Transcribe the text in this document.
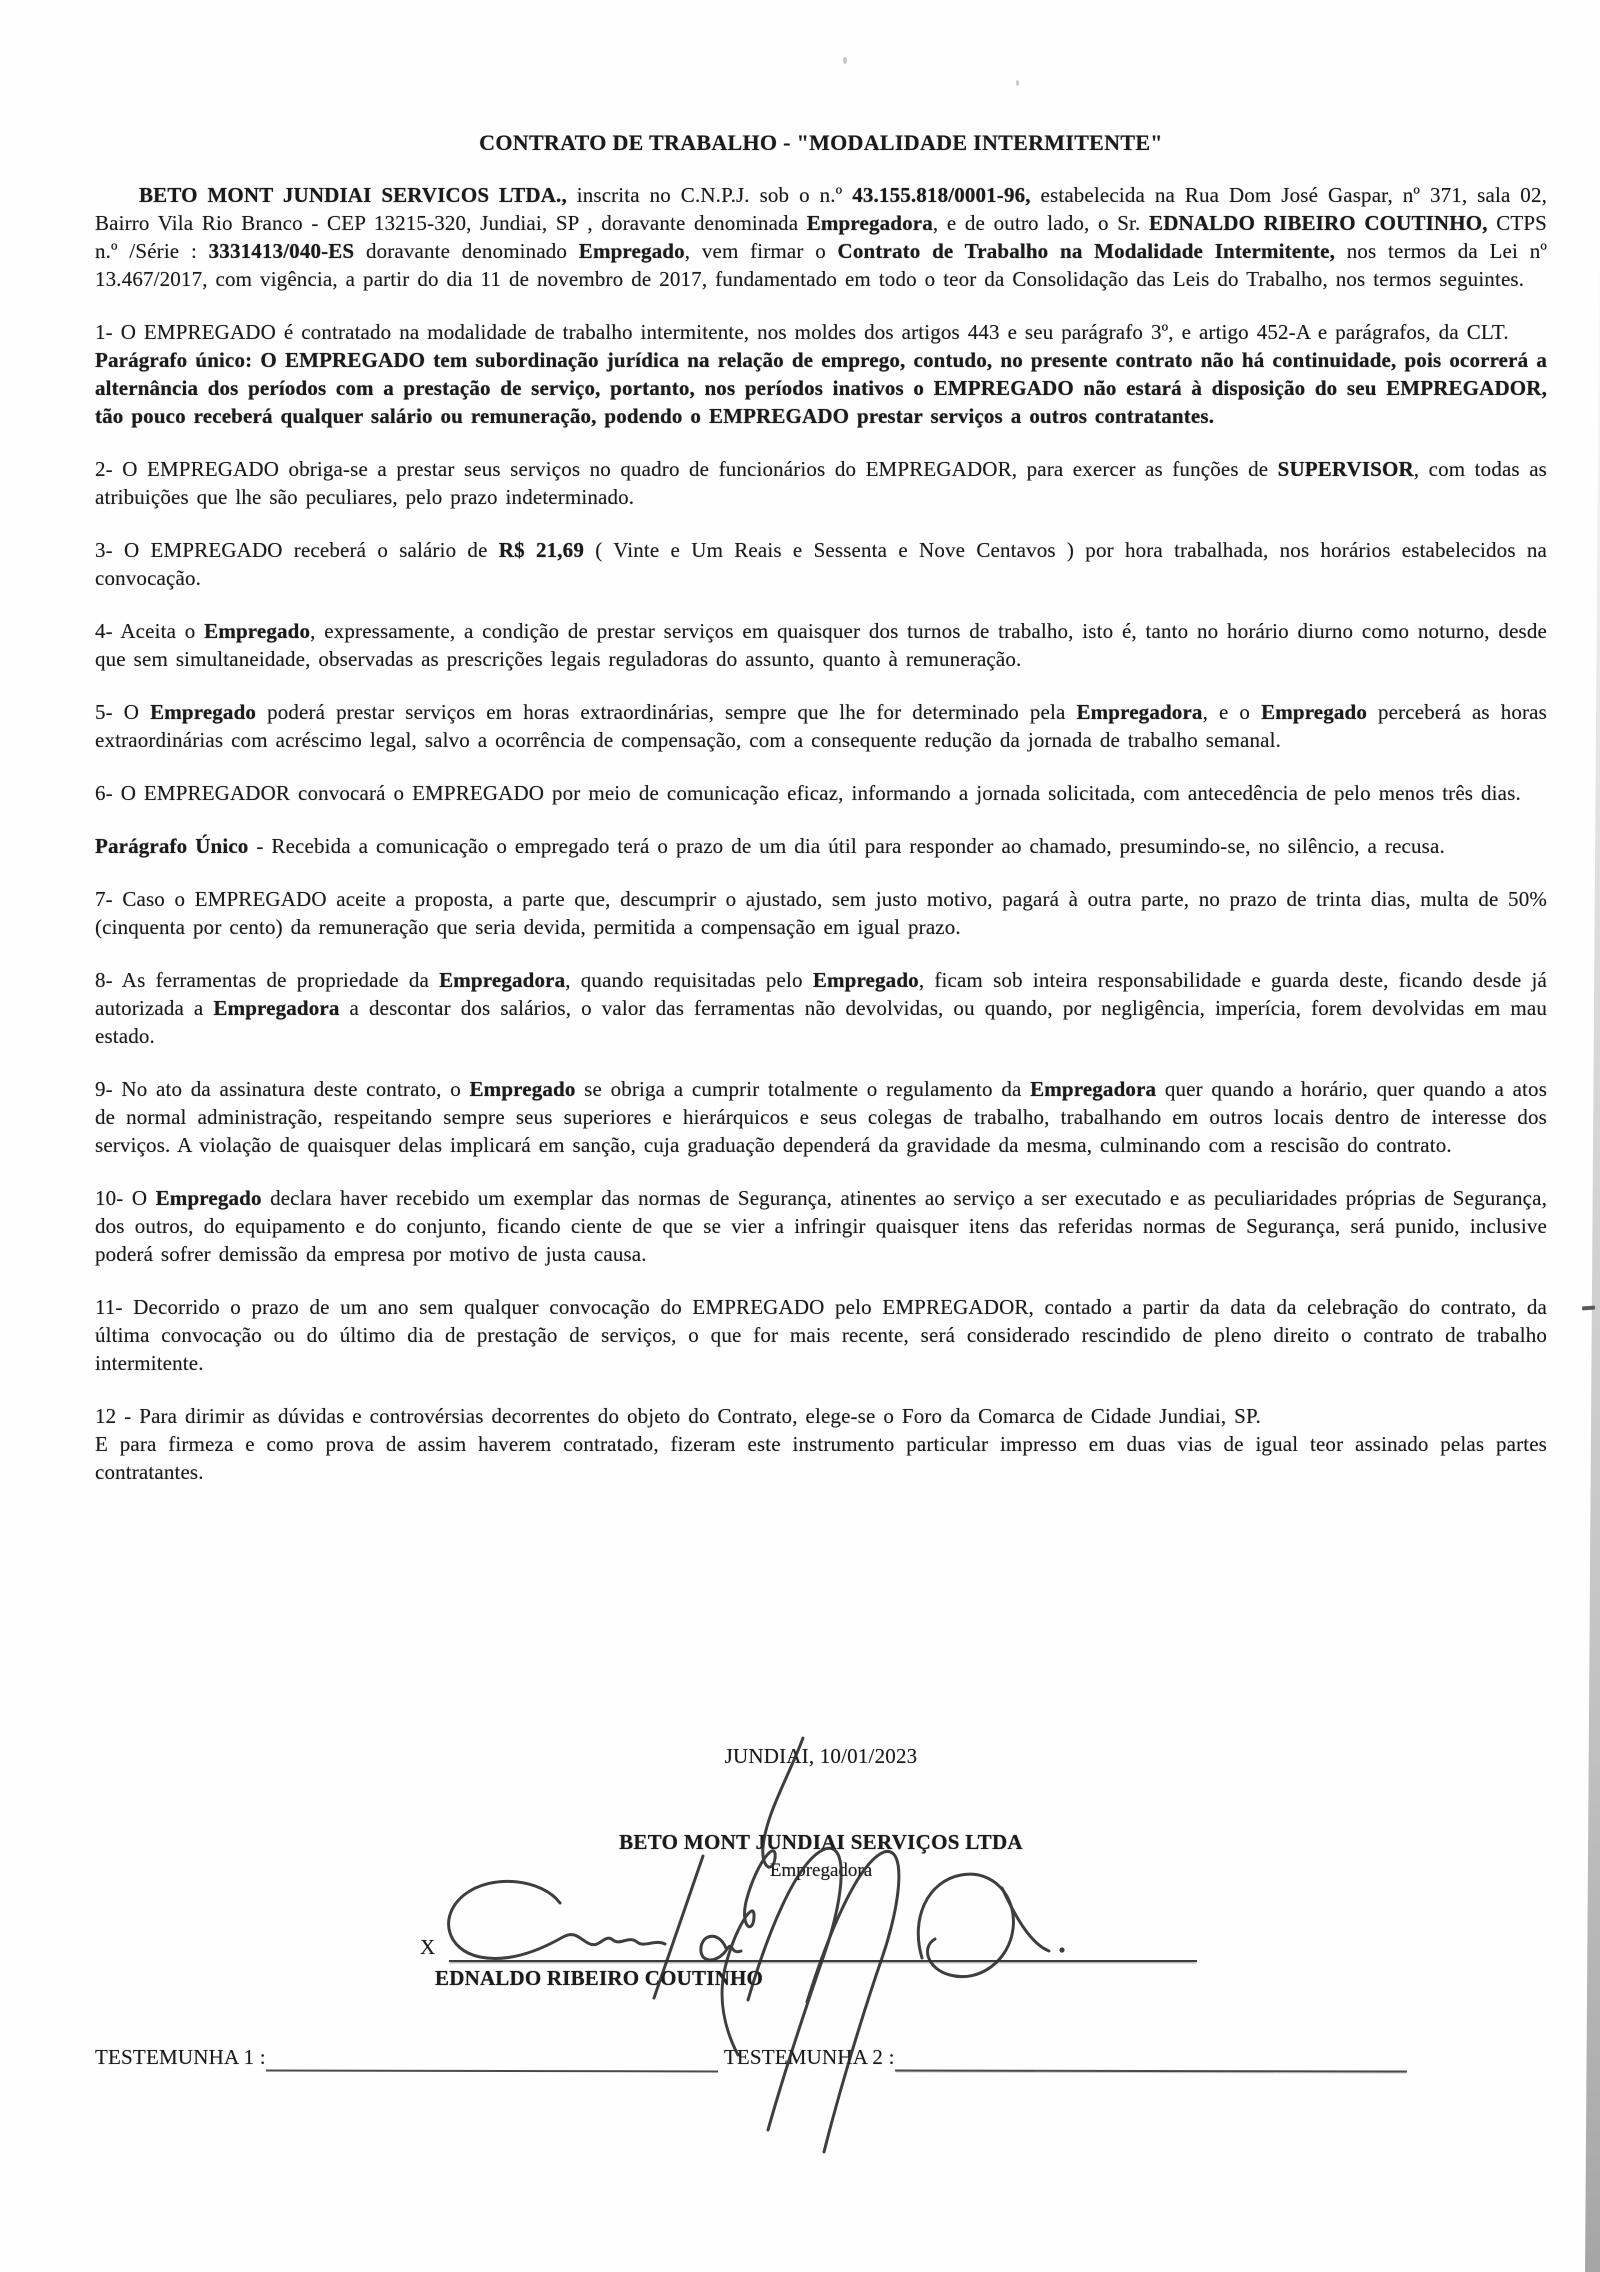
CONTRATO DE TRABALHO - "MODALIDADE INTERMITENTE"

BETO MONT JUNDIAI SERVICOS LTDA., inscrita no C.N.P.J. sob o n.º 43.155.818/0001-96, estabelecida na Rua Dom José Gaspar, nº 371, sala 02, Bairro Vila Rio Branco - CEP 13215-320, Jundiai, SP , doravante denominada Empregadora, e de outro lado, o Sr. EDNALDO RIBEIRO COUTINHO, CTPS n.º /Série : 3331413/040-ES doravante denominado Empregado, vem firmar o Contrato de Trabalho na Modalidade Intermitente, nos termos da Lei nº 13.467/2017, com vigência, a partir do dia 11 de novembro de 2017, fundamentado em todo o teor da Consolidação das Leis do Trabalho, nos termos seguintes.

1- O EMPREGADO é contratado na modalidade de trabalho intermitente, nos moldes dos artigos 443 e seu parágrafo 3º, e artigo 452-A e parágrafos, da CLT.

Parágrafo único: O EMPREGADO tem subordinação jurídica na relação de emprego, contudo, no presente contrato não há continuidade, pois ocorrerá a alternância dos períodos com a prestação de serviço, portanto, nos períodos inativos o EMPREGADO não estará à disposição do seu EMPREGADOR, tão pouco receberá qualquer salário ou remuneração, podendo o EMPREGADO prestar serviços a outros contratantes.

2- O EMPREGADO obriga-se a prestar seus serviços no quadro de funcionários do EMPREGADOR, para exercer as funções de SUPERVISOR, com todas as atribuições que lhe são peculiares, pelo prazo indeterminado.

3- O EMPREGADO receberá o salário de R$ 21,69 ( Vinte e Um Reais e Sessenta e Nove Centavos ) por hora trabalhada, nos horários estabelecidos na convocação.

4- Aceita o Empregado, expressamente, a condição de prestar serviços em quaisquer dos turnos de trabalho, isto é, tanto no horário diurno como noturno, desde que sem simultaneidade, observadas as prescrições legais reguladoras do assunto, quanto à remuneração.

5- O Empregado poderá prestar serviços em horas extraordinárias, sempre que lhe for determinado pela Empregadora, e o Empregado perceberá as horas extraordinárias com acréscimo legal, salvo a ocorrência de compensação, com a consequente redução da jornada de trabalho semanal.

6- O EMPREGADOR convocará o EMPREGADO por meio de comunicação eficaz, informando a jornada solicitada, com antecedência de pelo menos três dias.

Parágrafo Único - Recebida a comunicação o empregado terá o prazo de um dia útil para responder ao chamado, presumindo-se, no silêncio, a recusa.

7- Caso o EMPREGADO aceite a proposta, a parte que, descumprir o ajustado, sem justo motivo, pagará à outra parte, no prazo de trinta dias, multa de 50% (cinquenta por cento) da remuneração que seria devida, permitida a compensação em igual prazo.

8- As ferramentas de propriedade da Empregadora, quando requisitadas pelo Empregado, ficam sob inteira responsabilidade e guarda deste, ficando desde já autorizada a Empregadora a descontar dos salários, o valor das ferramentas não devolvidas, ou quando, por negligência, imperícia, forem devolvidas em mau estado.

9- No ato da assinatura deste contrato, o Empregado se obriga a cumprir totalmente o regulamento da Empregadora quer quando a horário, quer quando a atos de normal administração, respeitando sempre seus superiores e hierárquicos e seus colegas de trabalho, trabalhando em outros locais dentro de interesse dos serviços. A violação de quaisquer delas implicará em sanção, cuja graduação dependerá da gravidade da mesma, culminando com a rescisão do contrato.

10- O Empregado declara haver recebido um exemplar das normas de Segurança, atinentes ao serviço a ser executado e as peculiaridades próprias de Segurança, dos outros, do equipamento e do conjunto, ficando ciente de que se vier a infringir quaisquer itens das referidas normas de Segurança, será punido, inclusive poderá sofrer demissão da empresa por motivo de justa causa.

11- Decorrido o prazo de um ano sem qualquer convocação do EMPREGADO pelo EMPREGADOR, contado a partir da data da celebração do contrato, da última convocação ou do último dia de prestação de serviços, o que for mais recente, será considerado rescindido de pleno direito o contrato de trabalho intermitente.

12 - Para dirimir as dúvidas e controvérsias decorrentes do objeto do Contrato, elege-se o Foro da Comarca de Cidade Jundiai, SP.

E para firmeza e como prova de assim haverem contratado, fizeram este instrumento particular impresso em duas vias de igual teor assinado pelas partes contratantes.

JUNDIAI, 10/01/2023
BETO MONT JUNDIAI SERVIÇOS LTDA
Empregadora
X
EDNALDO RIBEIRO COUTINHO
TESTEMUNHA 1 :	TESTEMUNHA 2 :
